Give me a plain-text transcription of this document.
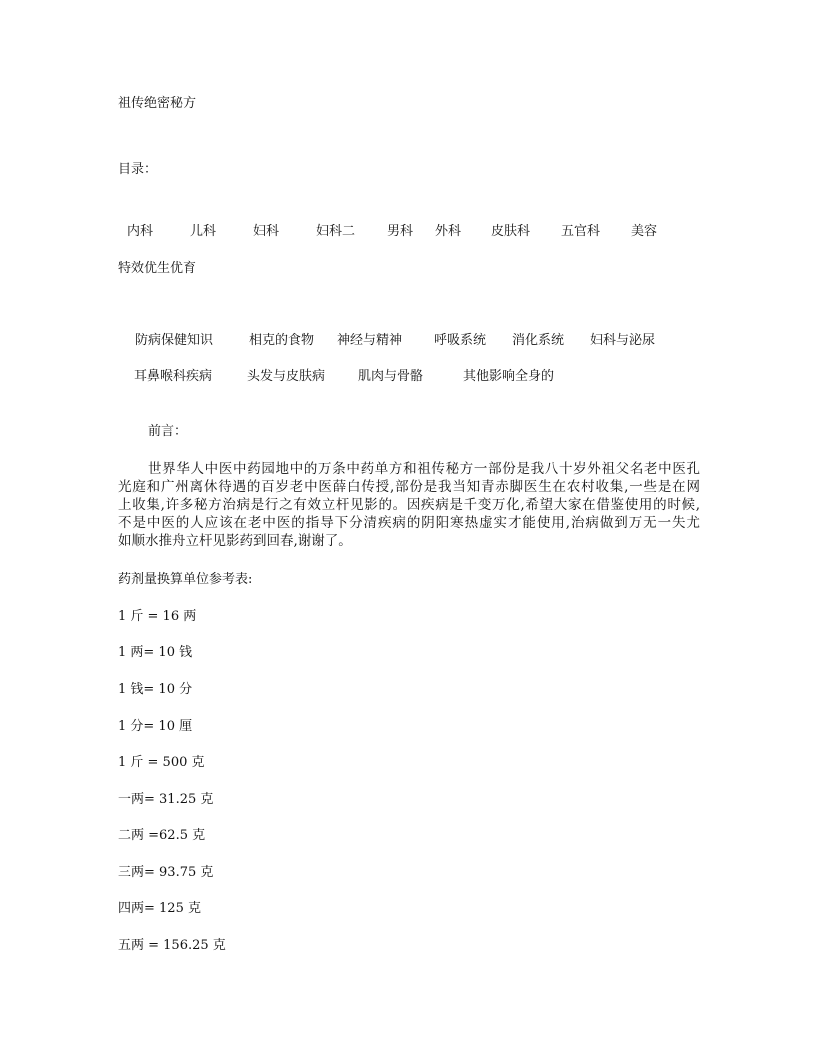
祖传绝密秘方
目录：
内科	儿科	妇科	妇科二 男科 外科 皮肤科 五官科 美容
特效优生优育
防病保健知识	相克的食物 神经与精神 呼吸系统 消化系统 妇科与泌尿
耳鼻喉科疾病	头发与皮肤病	肌肉与骨骼	其他影响全身的
前言：
世界华人中医中药园地中的万条中药单方和祖传秘方一部份是我八十岁外祖父名老中医孔
光庭和广州离休待遇的百岁老中医薛白传授,部份是我当知青赤脚医生在农村收集,一些是在网
上收集,许多秘方治病是行之有效立杆见影的。因疾病是千变万化,希望大家在借鉴使用的时候,
不是中医的人应该在老中医的指导下分清疾病的阴阳寒热虚实才能使用,治病做到万无一失尤
如顺水推舟立杆见影药到回春,谢谢了。
药剂量换算单位参考表:
1 斤 = 16 两
1 两= 10 钱
1 钱= 10 分
1 分= 10 厘
1 斤 = 500 克
一两= 31.25 克
二两 =62.5 克
三两= 93.75 克
四两= 125 克
五两 = 156.25 克
